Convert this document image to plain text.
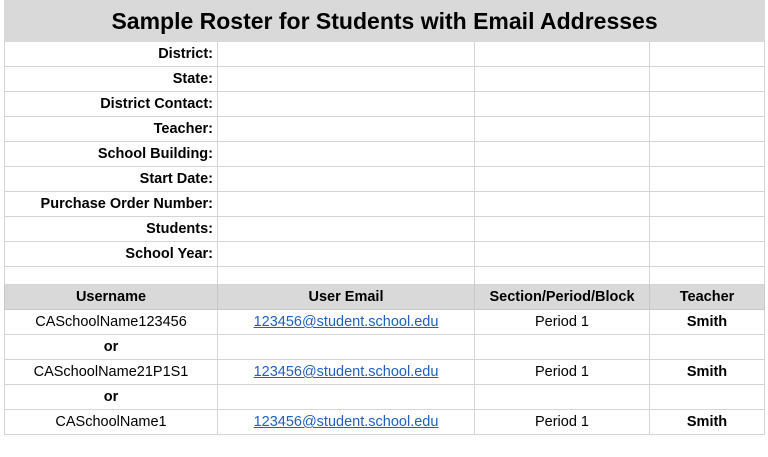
Sample Roster for Students with Email Addresses			
District:			
State:			
District Contact:			
Teacher:			
School Building:			
Start Date:			
Purchase Order Number:			
Students:			
School Year:			

Username	User Email	Section/Period/Block	Teacher
CASchoolName123456	123456@student.school.edu	Period 1	Smith
or			
CASchoolName21P1S1	123456@student.school.edu	Period 1	Smith
or			
CASchoolName1	123456@student.school.edu	Period 1	Smith
